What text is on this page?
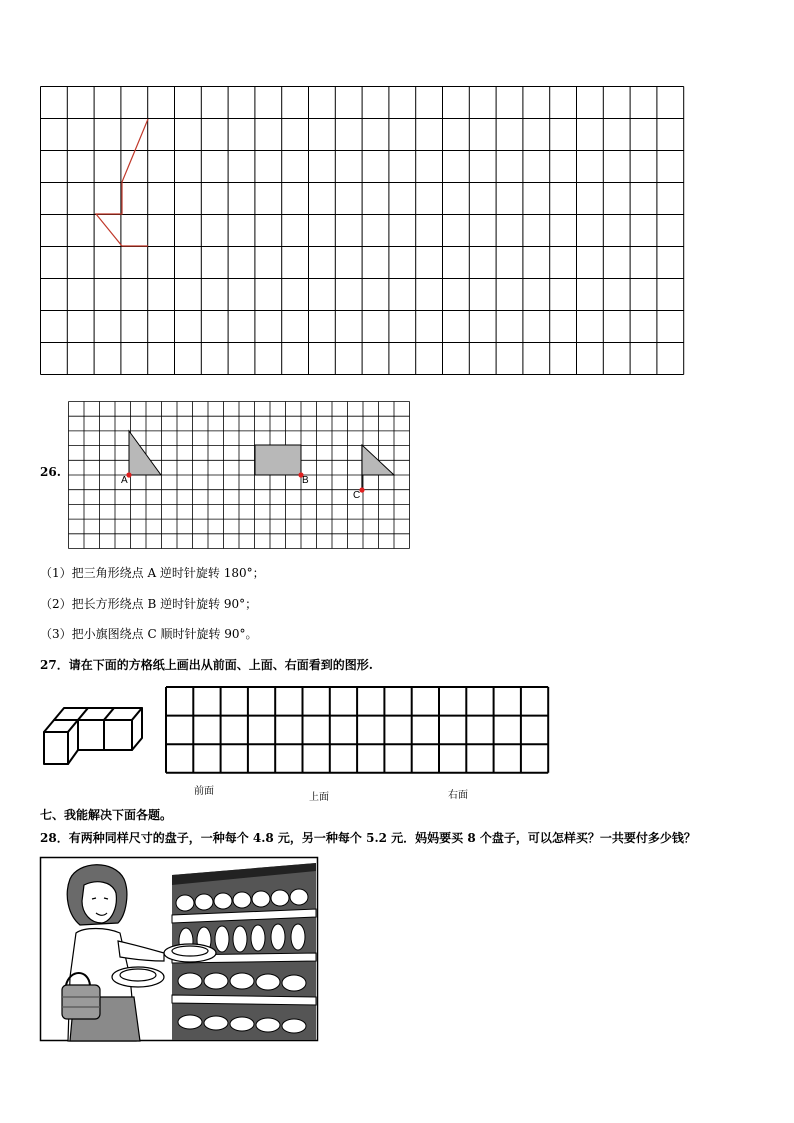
26.
A	B
C
（1）把三角形绕点 A 逆时针旋转 180°；
（2）把长方形绕点 B 逆时针旋转 90°；
（3）把小旗图绕点 C 顺时针旋转 90°。
27．请在下面的方格纸上画出从前面、上面、右面看到的图形.
前面
上面	右面
七、我能解决下面各题。
28．有两种同样尺寸的盘子，一种每个 4.8 元，另一种每个 5.2 元．妈妈要买 8 个盘子，可以怎样买？一共要付多少钱？
